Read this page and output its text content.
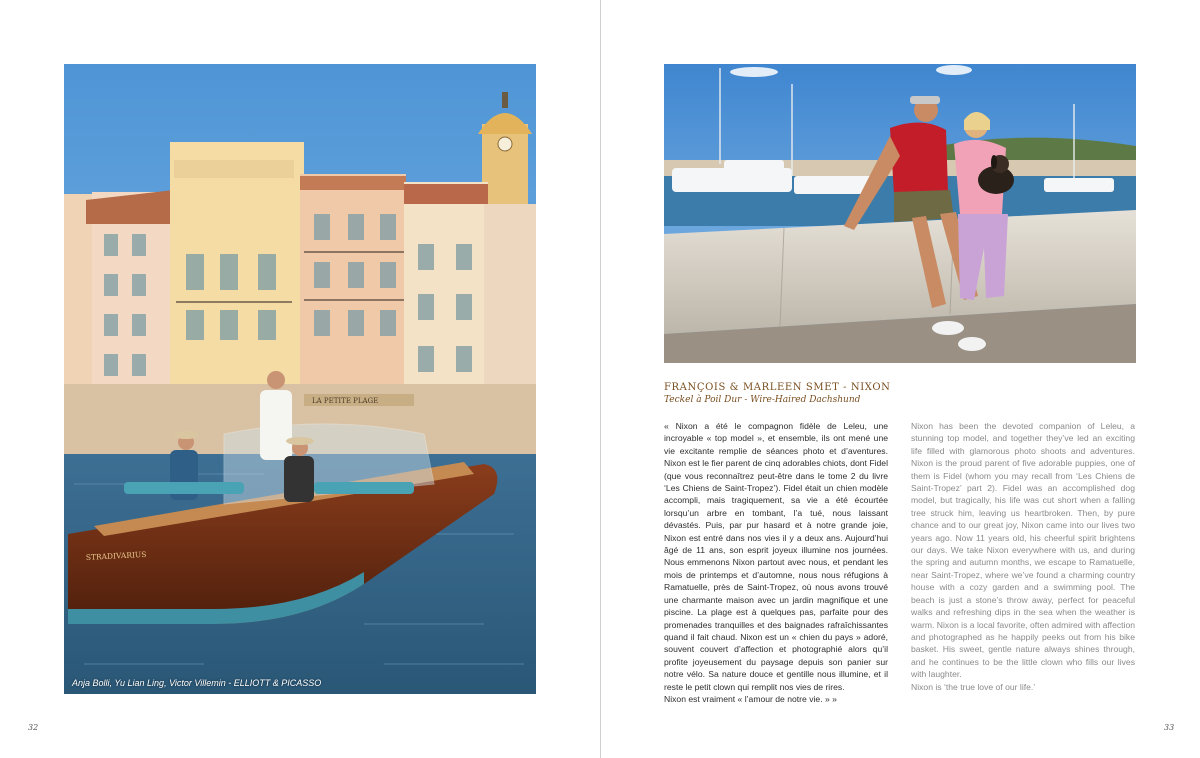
LA PETITE PLAGE
STRADIVARIUS
Anja Bolli, Yu Lian Ling, Victor Villemin - ELLIOTT & PICASSO
32
FRANÇOIS & MARLEEN SMET - NIXON
Teckel à Poil Dur - Wire-Haired Dachshund

« Nixon a été le compagnon fidèle de Leleu, une incroyable « top model », et ensemble, ils ont mené une vie excitante remplie de séances photo et d’aventures. Nixon est le fier parent de cinq adorables chiots, dont Fidel (que vous reconnaîtrez peut-être dans le tome 2 du livre ‘Les Chiens de Saint-Tropez’). Fidel était un chien modèle accompli, mais tragiquement, sa vie a été écourtée lorsqu’un arbre en tombant, l’a tué, nous laissant dévastés. Puis, par pur hasard et à notre grande joie, Nixon est entré dans nos vies il y a deux ans. Aujourd’hui âgé de 11 ans, son esprit joyeux illumine nos journées. Nous emmenons Nixon partout avec nous, et pendant les mois de printemps et d’automne, nous nous réfugions à Ramatuelle, près de Saint-Tropez, où nous avons trouvé une charmante maison avec un jardin magnifique et une piscine. La plage est à quelques pas, parfaite pour des promenades tranquilles et des baignades rafraîchissantes quand il fait chaud. Nixon est un « chien du pays » adoré, souvent couvert d’affection et photographié alors qu’il profite joyeusement du paysage depuis son panier sur notre vélo. Sa nature douce et gentille nous illumine, et il reste le petit clown qui remplit nos vies de rires.

Nixon est vraiment « l’amour de notre vie. » »

Nixon has been the devoted companion of Leleu, a stunning top model, and together they’ve led an exciting life filled with glamorous photo shoots and adventures. Nixon is the proud parent of five adorable puppies, one of them is Fidel (whom you may recall from ‘Les Chiens de Saint-Tropez’ part 2). Fidel was an accomplished dog model, but tragically, his life was cut short when a falling tree struck him, leaving us heartbroken. Then, by pure chance and to our great joy, Nixon came into our lives two years ago. Now 11 years old, his cheerful spirit brightens our days. We take Nixon everywhere with us, and during the spring and autumn months, we escape to Ramatuelle, near Saint-Tropez, where we’ve found a charming country house with a cozy garden and a swimming pool. The beach is just a stone’s throw away, perfect for peaceful walks and refreshing dips in the sea when the weather is warm. Nixon is a local favorite, often admired with affection and photographed as he happily peeks out from his bike basket. His sweet, gentle nature always shines through, and he continues to be the little clown who fills our lives with laughter.

Nixon is ‘the true love of our life.’

33
